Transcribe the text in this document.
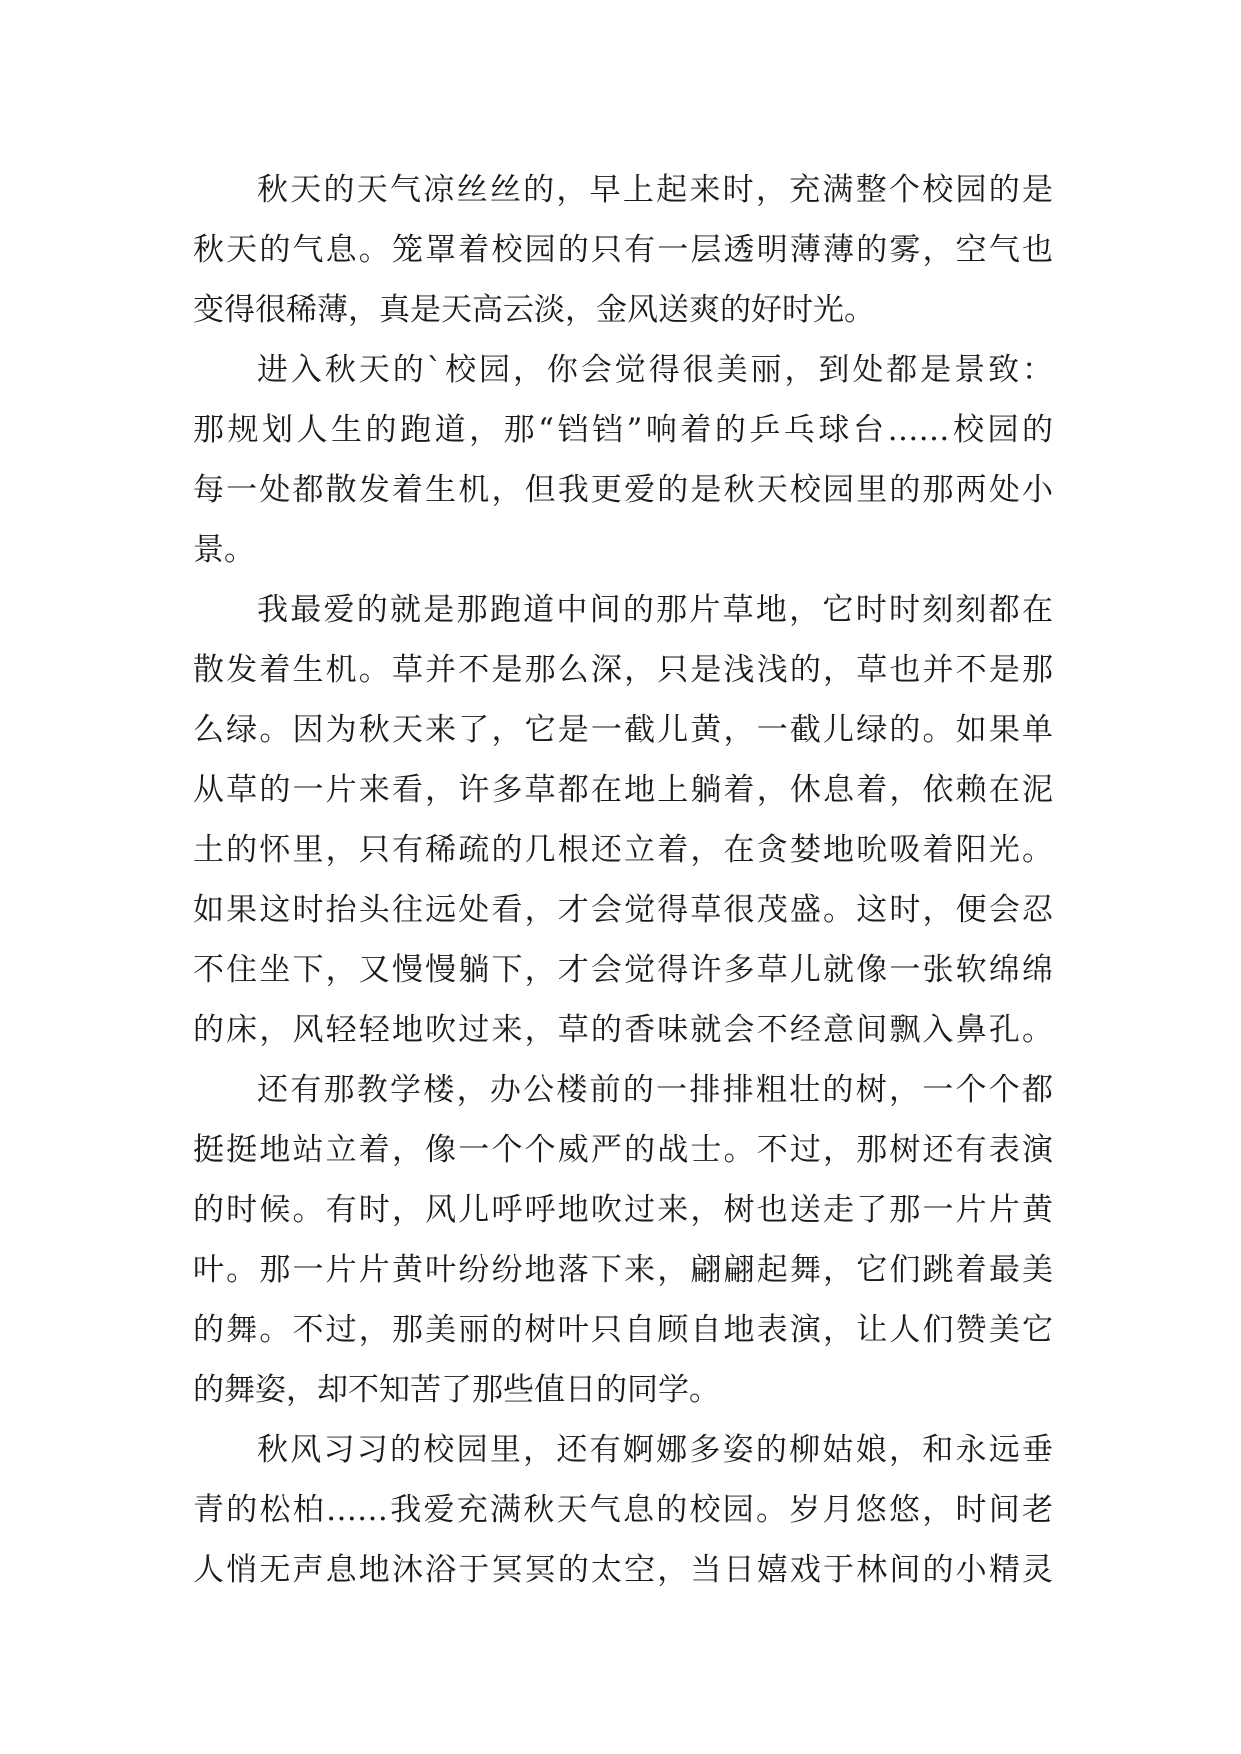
秋天的天气凉丝丝的，早上起来时，充满整个校园的是
秋天的气息。笼罩着校园的只有一层透明薄薄的雾，空气也
变得很稀薄，真是天高云淡，金风送爽的好时光。
进入秋天的`校园，你会觉得很美丽，到处都是景致：
那规划人生的跑道，那“铛铛”响着的乒乓球台……校园的
每一处都散发着生机，但我更爱的是秋天校园里的那两处小
景。
我最爱的就是那跑道中间的那片草地，它时时刻刻都在
散发着生机。草并不是那么深，只是浅浅的，草也并不是那
么绿。因为秋天来了，它是一截儿黄，一截儿绿的。如果单
从草的一片来看，许多草都在地上躺着，休息着，依赖在泥
土的怀里，只有稀疏的几根还立着，在贪婪地吮吸着阳光。
如果这时抬头往远处看，才会觉得草很茂盛。这时，便会忍
不住坐下，又慢慢躺下，才会觉得许多草儿就像一张软绵绵
的床，风轻轻地吹过来，草的香味就会不经意间飘入鼻孔。
还有那教学楼，办公楼前的一排排粗壮的树，一个个都
挺挺地站立着，像一个个威严的战士。不过，那树还有表演
的时候。有时，风儿呼呼地吹过来，树也送走了那一片片黄
叶。那一片片黄叶纷纷地落下来，翩翩起舞，它们跳着最美
的舞。不过，那美丽的树叶只自顾自地表演，让人们赞美它
的舞姿，却不知苦了那些值日的同学。
秋风习习的校园里，还有婀娜多姿的柳姑娘，和永远垂
青的松柏……我爱充满秋天气息的校园。岁月悠悠，时间老
人悄无声息地沐浴于冥冥的太空，当日嬉戏于林间的小精灵
